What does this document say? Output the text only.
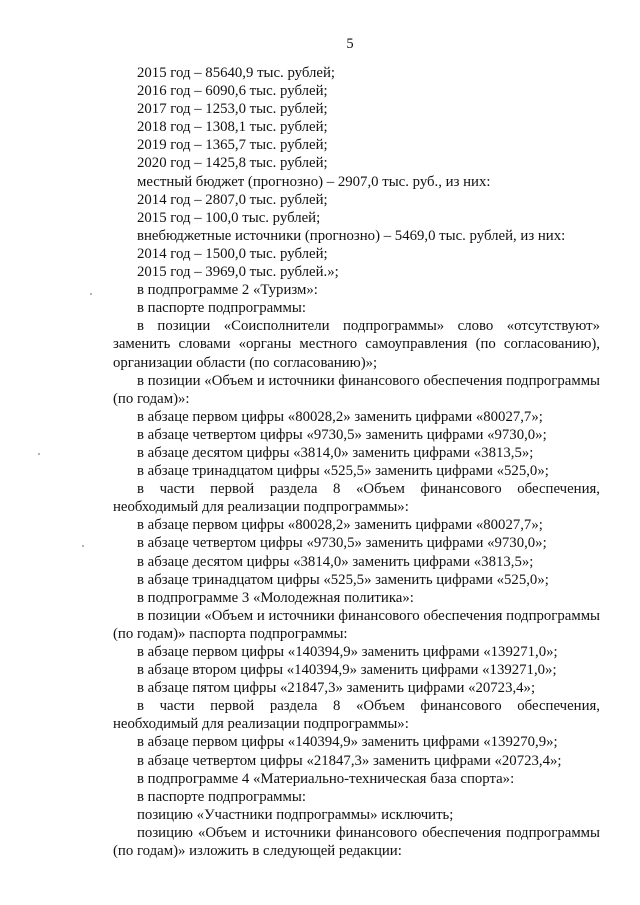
5

2015 год – 85640,9 тыс. рублей;

2016 год – 6090,6 тыс. рублей;

2017 год – 1253,0 тыс. рублей;

2018 год – 1308,1 тыс. рублей;

2019 год – 1365,7 тыс. рублей;

2020 год – 1425,8 тыс. рублей;

местный бюджет (прогнозно) – 2907,0 тыс. руб., из них:

2014 год – 2807,0 тыс. рублей;

2015 год – 100,0 тыс. рублей;

внебюджетные источники (прогнозно) – 5469,0 тыс. рублей, из них:

2014 год – 1500,0 тыс. рублей;

2015 год – 3969,0 тыс. рублей.»;

в подпрограмме 2 «Туризм»:

в паспорте подпрограммы:

в позиции «Соисполнители подпрограммы» слово «отсутствуют» заменить словами «органы местного самоуправления (по согласованию), организации области (по согласованию)»;

в позиции «Объем и источники финансового обеспечения подпрограммы (по годам)»:

в абзаце первом цифры «80028,2» заменить цифрами «80027,7»;

в абзаце четвертом цифры «9730,5» заменить цифрами «9730,0»;

в абзаце десятом цифры «3814,0» заменить цифрами «3813,5»;

в абзаце тринадцатом цифры «525,5» заменить цифрами «525,0»;

в части первой раздела 8 «Объем финансового обеспечения, необходимый для реализации подпрограммы»:

в абзаце первом цифры «80028,2» заменить цифрами «80027,7»;

в абзаце четвертом цифры «9730,5» заменить цифрами «9730,0»;

в абзаце десятом цифры «3814,0» заменить цифрами «3813,5»;

в абзаце тринадцатом цифры «525,5» заменить цифрами «525,0»;

в подпрограмме 3 «Молодежная политика»:

в позиции «Объем и источники финансового обеспечения подпрограммы (по годам)» паспорта подпрограммы:

в абзаце первом цифры «140394,9» заменить цифрами «139271,0»;

в абзаце втором цифры «140394,9» заменить цифрами «139271,0»;

в абзаце пятом цифры «21847,3» заменить цифрами «20723,4»;

в части первой раздела 8 «Объем финансового обеспечения, необходимый для реализации подпрограммы»:

в абзаце первом цифры «140394,9» заменить цифрами «139270,9»;

в абзаце четвертом цифры «21847,3» заменить цифрами «20723,4»;

в подпрограмме 4 «Материально-техническая база спорта»:

в паспорте подпрограммы:

позицию «Участники подпрограммы» исключить;

позицию «Объем и источники финансового обеспечения подпрограммы (по годам)» изложить в следующей редакции:
